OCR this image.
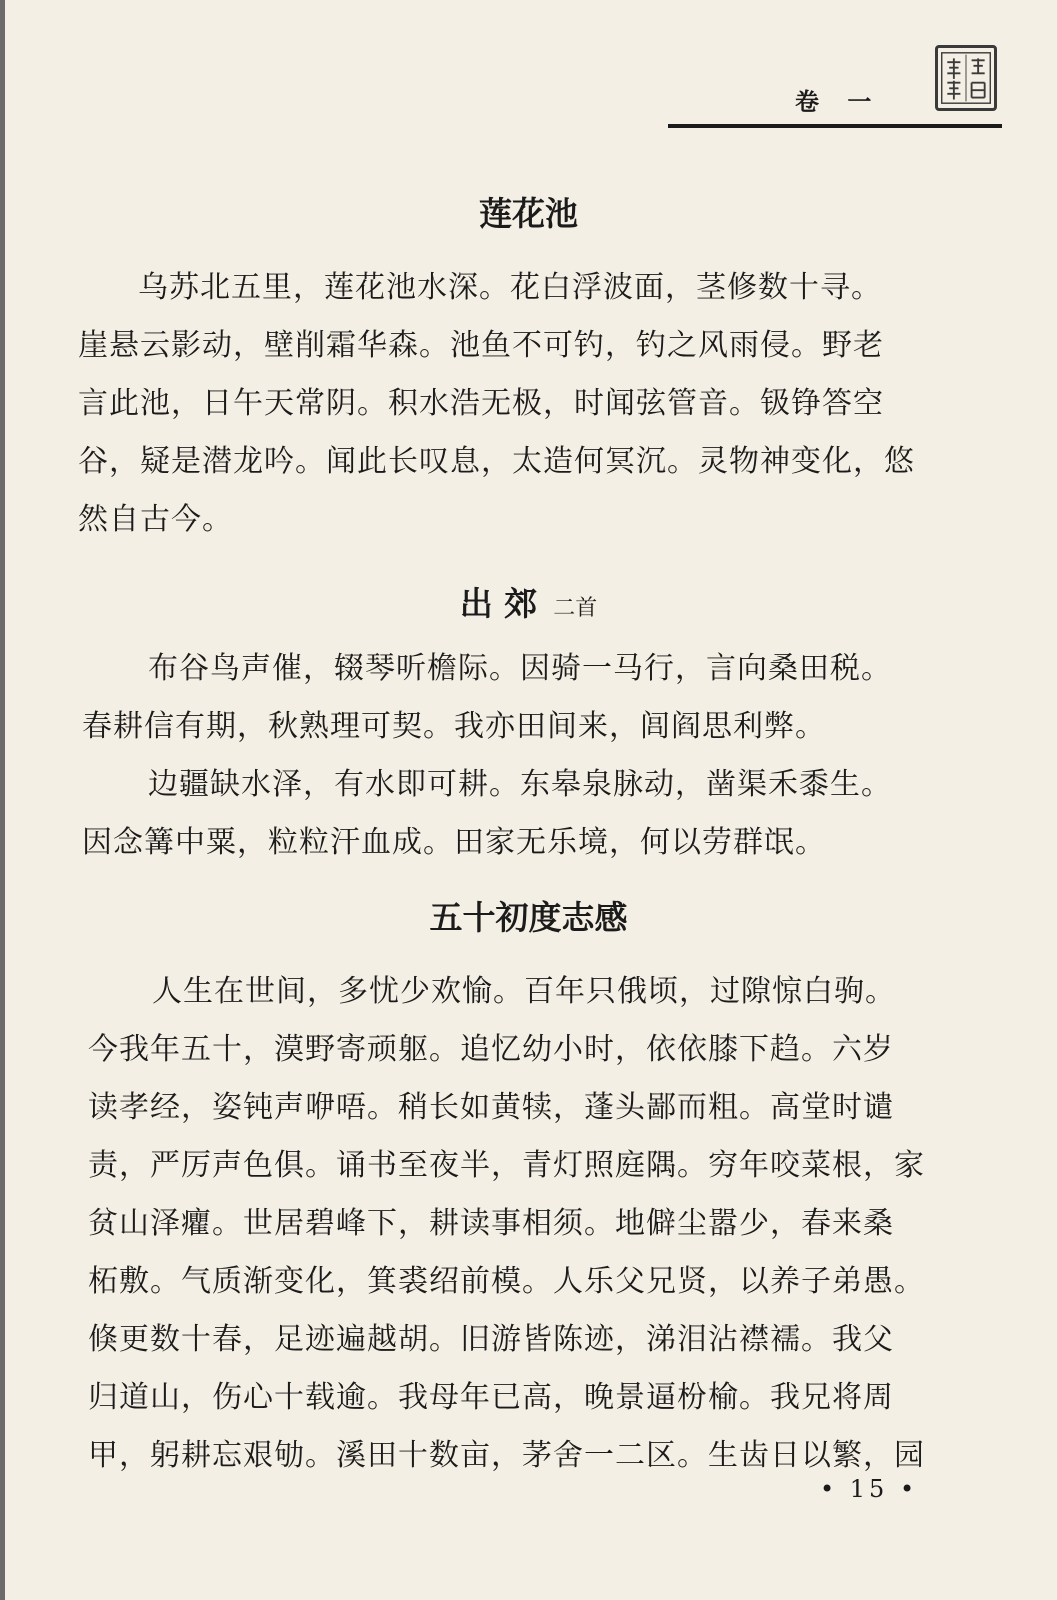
卷 一
莲花池
乌苏北五里，莲花池水深。花白浮波面，茎修数十寻。
崖悬云影动，壁削霜华森。池鱼不可钓，钓之风雨侵。野老
言此池，日午天常阴。积水浩无极，时闻弦管音。钑铮答空
谷，疑是潜龙吟。闻此长叹息，太造何冥沉。灵物神变化，悠
然自古今。
出 郊 二首
布谷鸟声催，辍琴听檐际。因骑一马行，言向桑田税。
春耕信有期，秋熟理可契。我亦田间来，闾阎思利弊。
边疆缺水泽，有水即可耕。东皋泉脉动，凿渠禾黍生。
因念篝中粟，粒粒汗血成。田家无乐境，何以劳群氓。
五十初度志感
人生在世间，多忧少欢愉。百年只俄顷，过隙惊白驹。
今我年五十，漠野寄顽躯。追忆幼小时，依依膝下趋。六岁
读孝经，姿钝声咿唔。稍长如黄犊，蓬头鄙而粗。高堂时谴
责，严厉声色俱。诵书至夜半，青灯照庭隅。穷年咬菜根，家
贫山泽癯。世居碧峰下，耕读事相须。地僻尘嚣少，春来桑
柘敷。气质渐变化，箕裘绍前模。人乐父兄贤，以养子弟愚。
倏更数十春，足迹遍越胡。旧游皆陈迹，涕泪沾襟襦。我父
归道山，伤心十载逾。我母年已高，晚景逼枌榆。我兄将周
甲，躬耕忘艰劬。溪田十数亩，茅舍一二区。生齿日以繁，园
• 15 •
